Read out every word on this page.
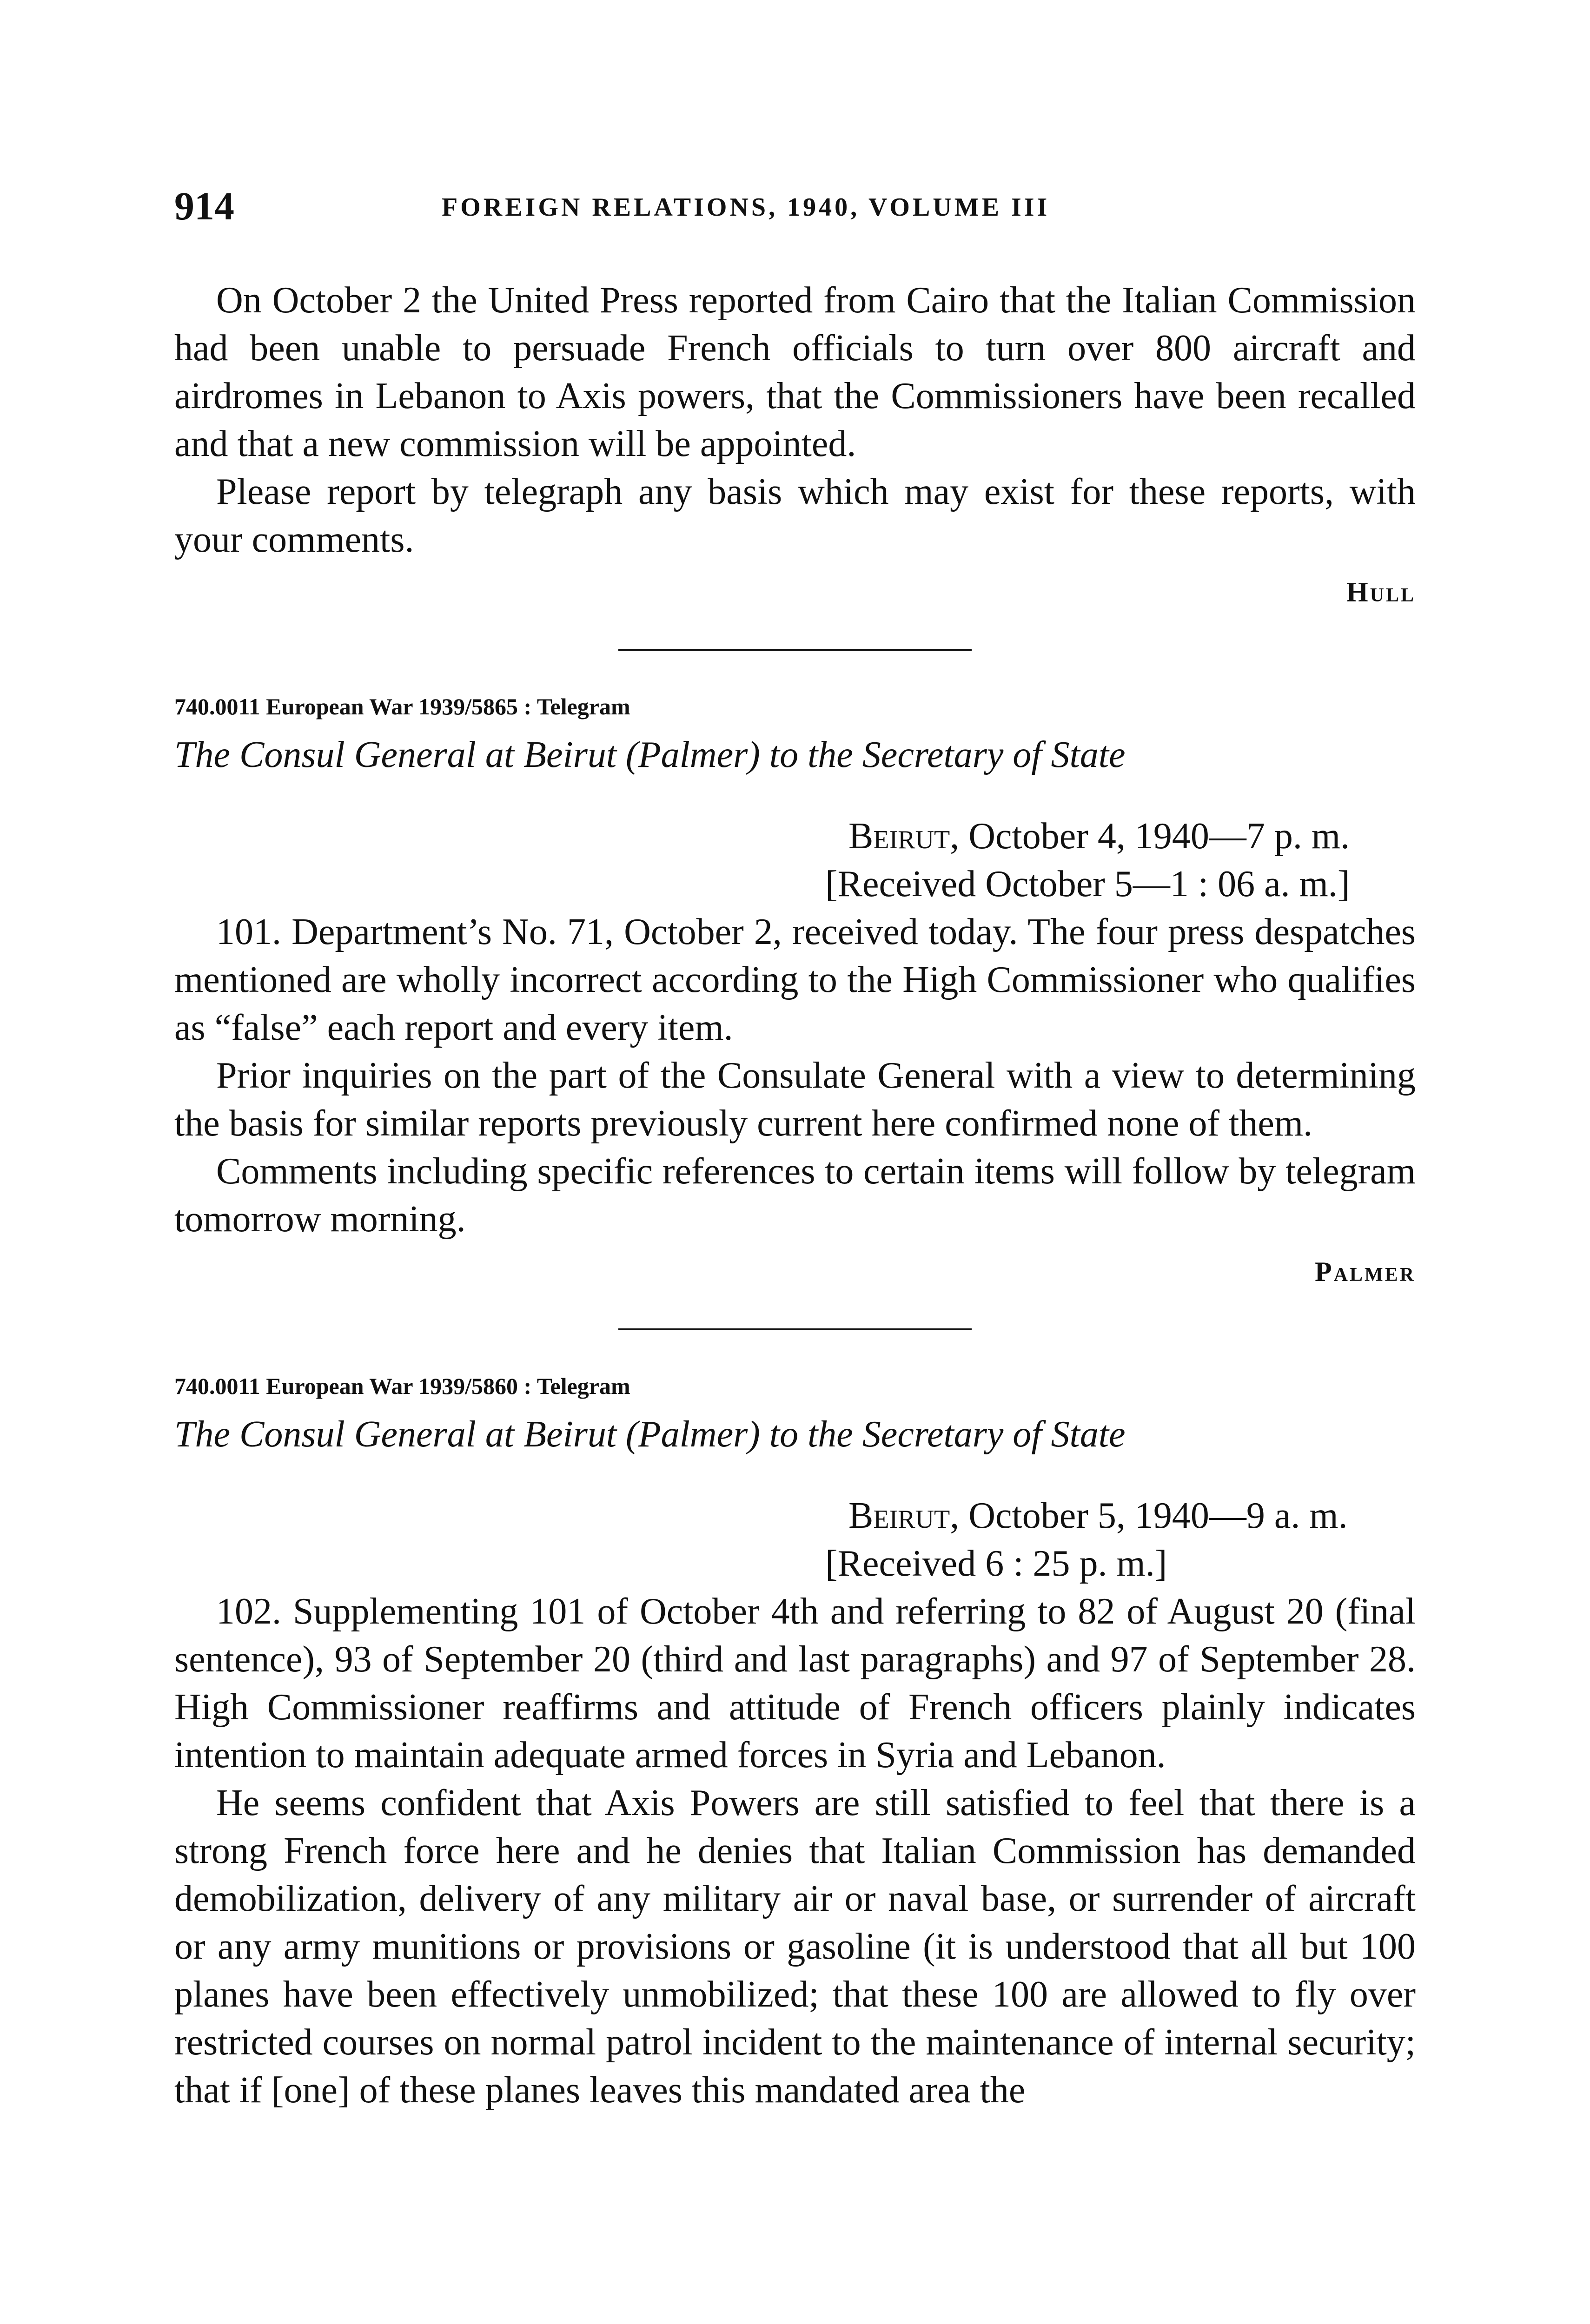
914	FOREIGN RELATIONS, 1940, VOLUME III

On October 2 the United Press reported from Cairo that the Italian Commission had been unable to persuade French officials to turn over 800 aircraft and airdromes in Lebanon to Axis powers, that the Commissioners have been recalled and that a new commission will be appointed.

Please report by telegraph any basis which may exist for these reports, with your comments.

Hull
740.0011 European War 1939/5865 : Telegram
The Consul General at Beirut (Palmer) to the Secretary of State
Beirut, October 4, 1940—7 p. m.
[Received October 5—1 : 06 a. m.]

101. Department’s No. 71, October 2, received today. The four press despatches mentioned are wholly incorrect according to the High Commissioner who qualifies as “false” each report and every item.

Prior inquiries on the part of the Consulate General with a view to determining the basis for similar reports previously current here confirmed none of them.

Comments including specific references to certain items will follow by telegram tomorrow morning.

Palmer
740.0011 European War 1939/5860 : Telegram
The Consul General at Beirut (Palmer) to the Secretary of State
Beirut, October 5, 1940—9 a. m.
[Received 6 : 25 p. m.]

102. Supplementing 101 of October 4th and referring to 82 of August 20 (final sentence), 93 of September 20 (third and last paragraphs) and 97 of September 28. High Commissioner reaffirms and attitude of French officers plainly indicates intention to maintain adequate armed forces in Syria and Lebanon.

He seems confident that Axis Powers are still satisfied to feel that there is a strong French force here and he denies that Italian Commission has demanded demobilization, delivery of any military air or naval base, or surrender of aircraft or any army munitions or provisions or gasoline (it is understood that all but 100 planes have been effectively unmobilized; that these 100 are allowed to fly over restricted courses on normal patrol incident to the maintenance of internal security; that if [one] of these planes leaves this mandated area the
